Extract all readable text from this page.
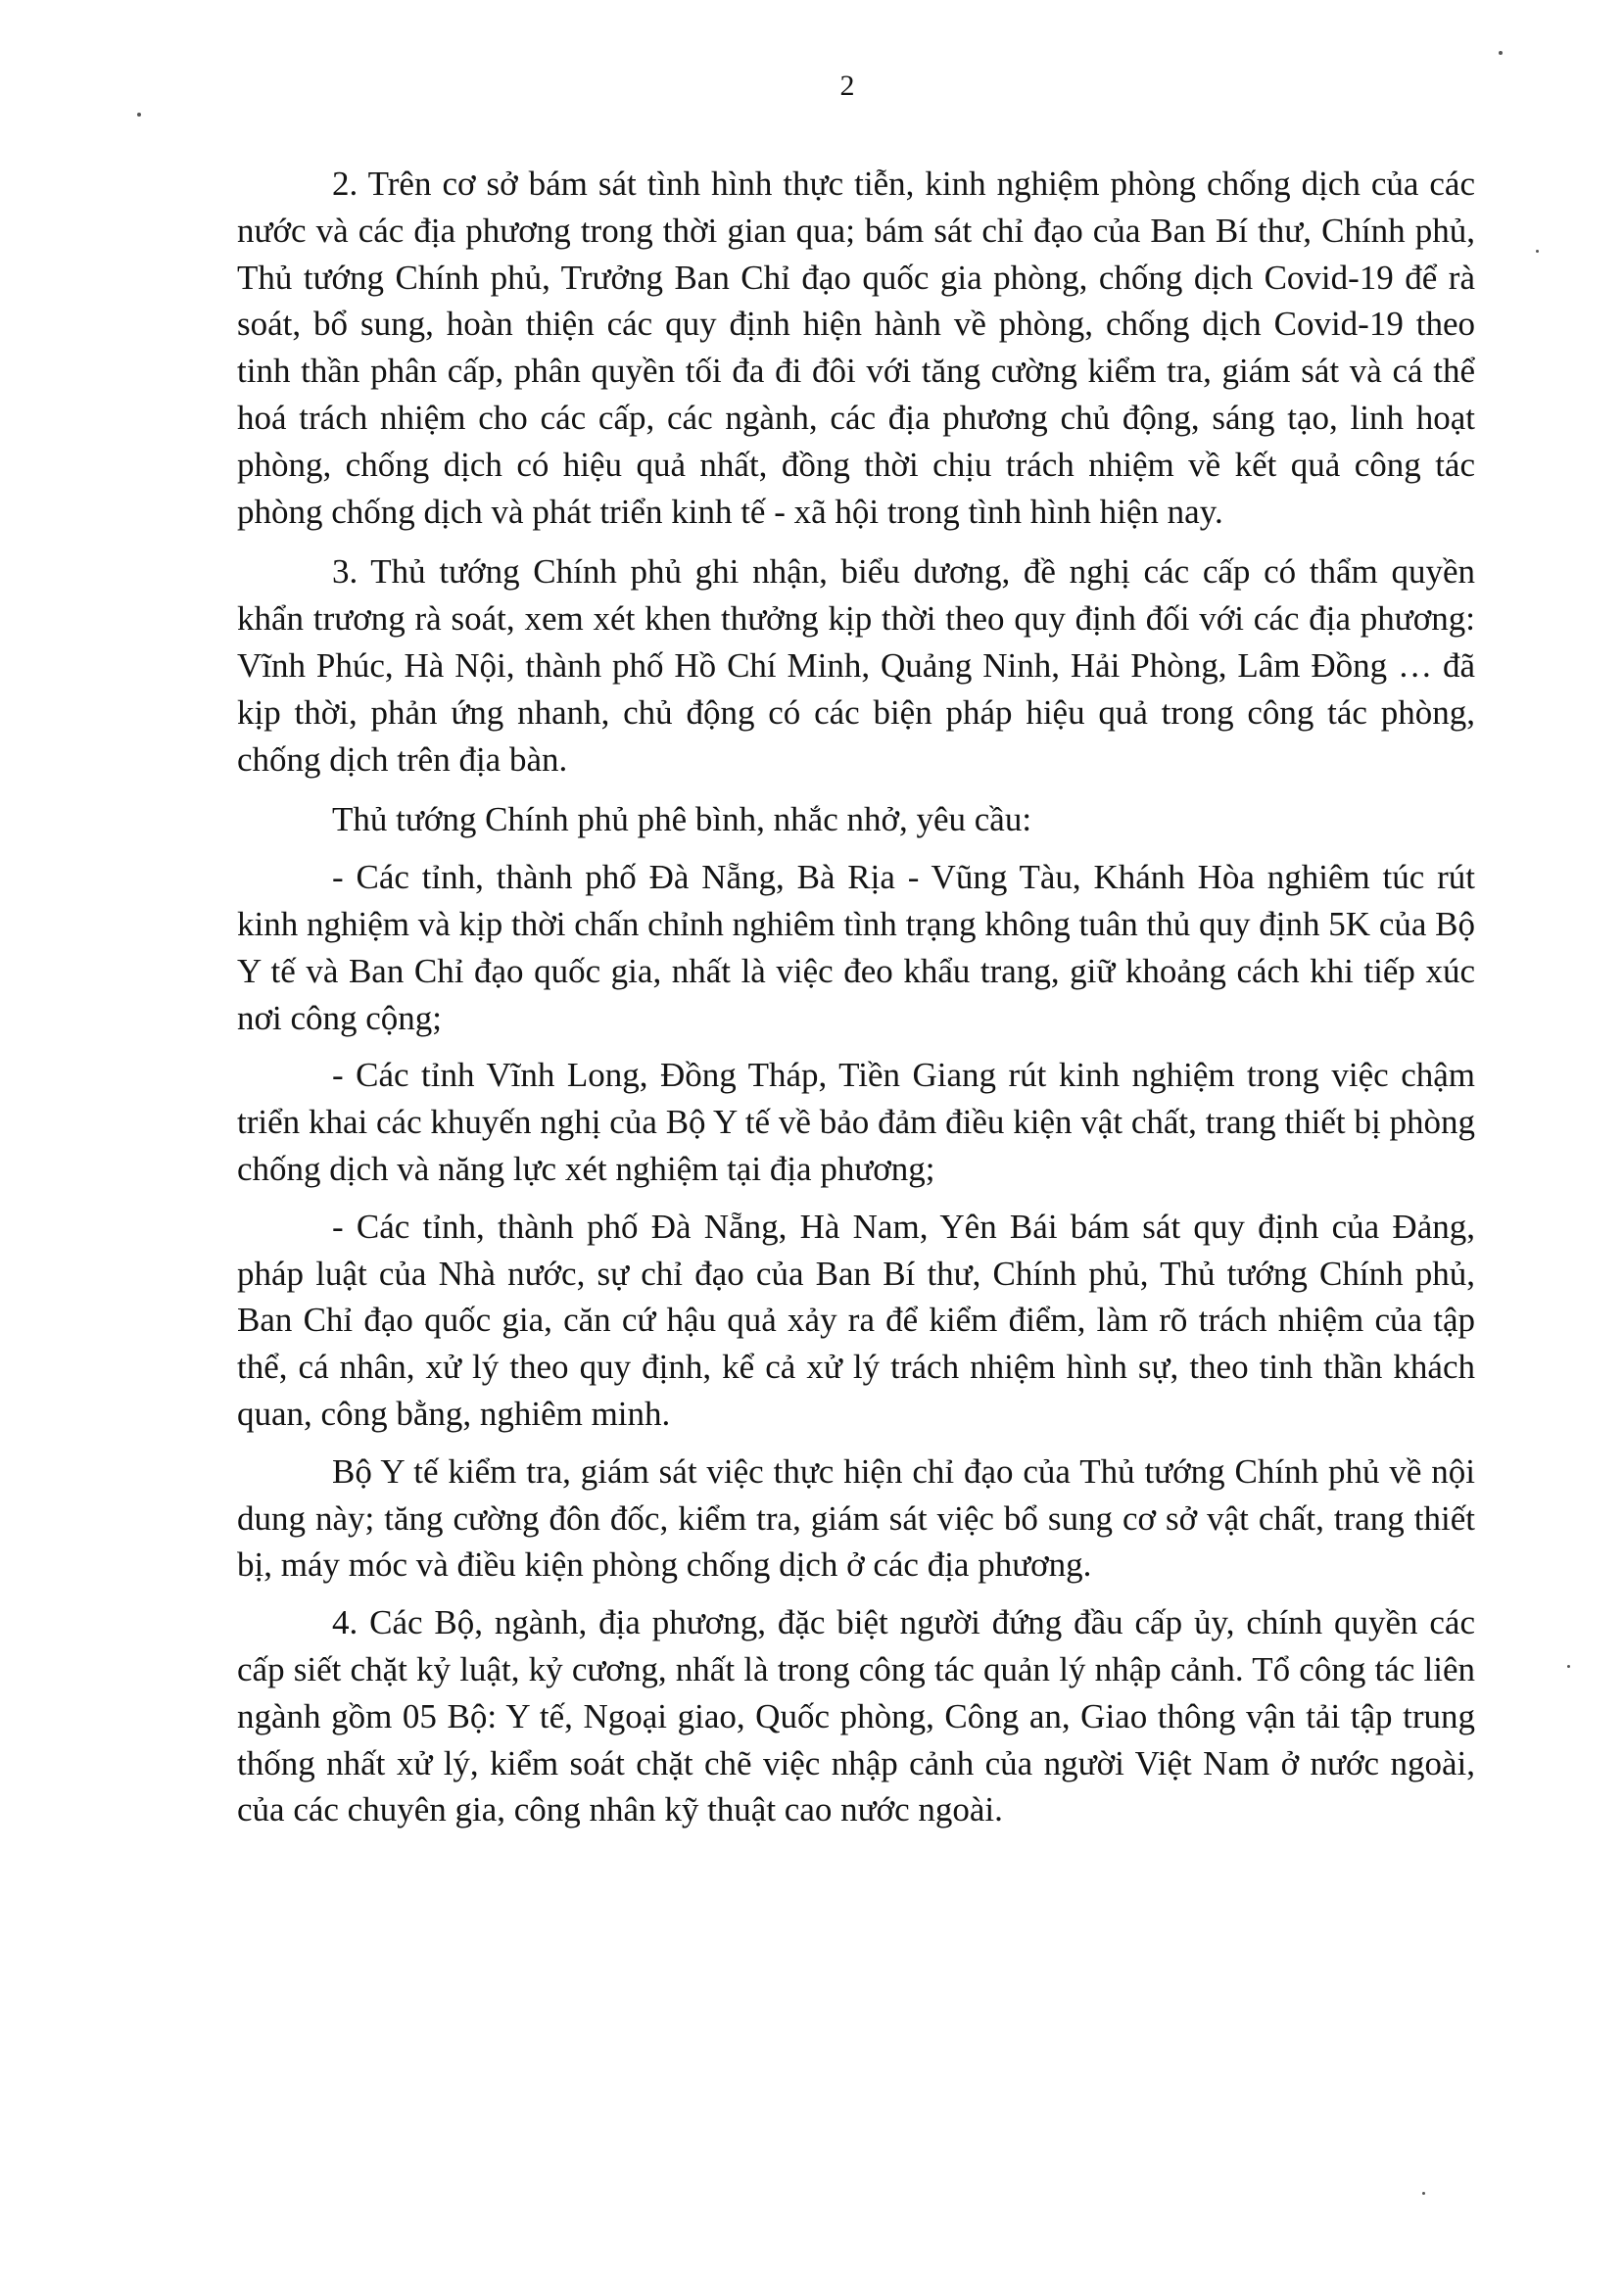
2

2. Trên cơ sở bám sát tình hình thực tiễn, kinh nghiệm phòng chống dịch của các nước và các địa phương trong thời gian qua; bám sát chỉ đạo của Ban Bí thư, Chính phủ, Thủ tướng Chính phủ, Trưởng Ban Chỉ đạo quốc gia phòng, chống dịch Covid-19 để rà soát, bổ sung, hoàn thiện các quy định hiện hành về phòng, chống dịch Covid-19 theo tinh thần phân cấp, phân quyền tối đa đi đôi với tăng cường kiểm tra, giám sát và cá thể hoá trách nhiệm cho các cấp, các ngành, các địa phương chủ động, sáng tạo, linh hoạt phòng, chống dịch có hiệu quả nhất, đồng thời chịu trách nhiệm về kết quả công tác phòng chống dịch và phát triển kinh tế - xã hội trong tình hình hiện nay.

3. Thủ tướng Chính phủ ghi nhận, biểu dương, đề nghị các cấp có thẩm quyền khẩn trương rà soát, xem xét khen thưởng kịp thời theo quy định đối với các địa phương: Vĩnh Phúc, Hà Nội, thành phố Hồ Chí Minh, Quảng Ninh, Hải Phòng, Lâm Đồng … đã kịp thời, phản ứng nhanh, chủ động có các biện pháp hiệu quả trong công tác phòng, chống dịch trên địa bàn.

Thủ tướng Chính phủ phê bình, nhắc nhở, yêu cầu:

- Các tỉnh, thành phố Đà Nẵng, Bà Rịa - Vũng Tàu, Khánh Hòa nghiêm túc rút kinh nghiệm và kịp thời chấn chỉnh nghiêm tình trạng không tuân thủ quy định 5K của Bộ Y tế và Ban Chỉ đạo quốc gia, nhất là việc đeo khẩu trang, giữ khoảng cách khi tiếp xúc nơi công cộng;

- Các tỉnh Vĩnh Long, Đồng Tháp, Tiền Giang rút kinh nghiệm trong việc chậm triển khai các khuyến nghị của Bộ Y tế về bảo đảm điều kiện vật chất, trang thiết bị phòng chống dịch và năng lực xét nghiệm tại địa phương;

- Các tỉnh, thành phố Đà Nẵng, Hà Nam, Yên Bái bám sát quy định của Đảng, pháp luật của Nhà nước, sự chỉ đạo của Ban Bí thư, Chính phủ, Thủ tướng Chính phủ, Ban Chỉ đạo quốc gia, căn cứ hậu quả xảy ra để kiểm điểm, làm rõ trách nhiệm của tập thể, cá nhân, xử lý theo quy định, kể cả xử lý trách nhiệm hình sự, theo tinh thần khách quan, công bằng, nghiêm minh.

Bộ Y tế kiểm tra, giám sát việc thực hiện chỉ đạo của Thủ tướng Chính phủ về nội dung này; tăng cường đôn đốc, kiểm tra, giám sát việc bổ sung cơ sở vật chất, trang thiết bị, máy móc và điều kiện phòng chống dịch ở các địa phương.

4. Các Bộ, ngành, địa phương, đặc biệt người đứng đầu cấp ủy, chính quyền các cấp siết chặt kỷ luật, kỷ cương, nhất là trong công tác quản lý nhập cảnh. Tổ công tác liên ngành gồm 05 Bộ: Y tế, Ngoại giao, Quốc phòng, Công an, Giao thông vận tải tập trung thống nhất xử lý, kiểm soát chặt chẽ việc nhập cảnh của người Việt Nam ở nước ngoài, của các chuyên gia, công nhân kỹ thuật cao nước ngoài.
